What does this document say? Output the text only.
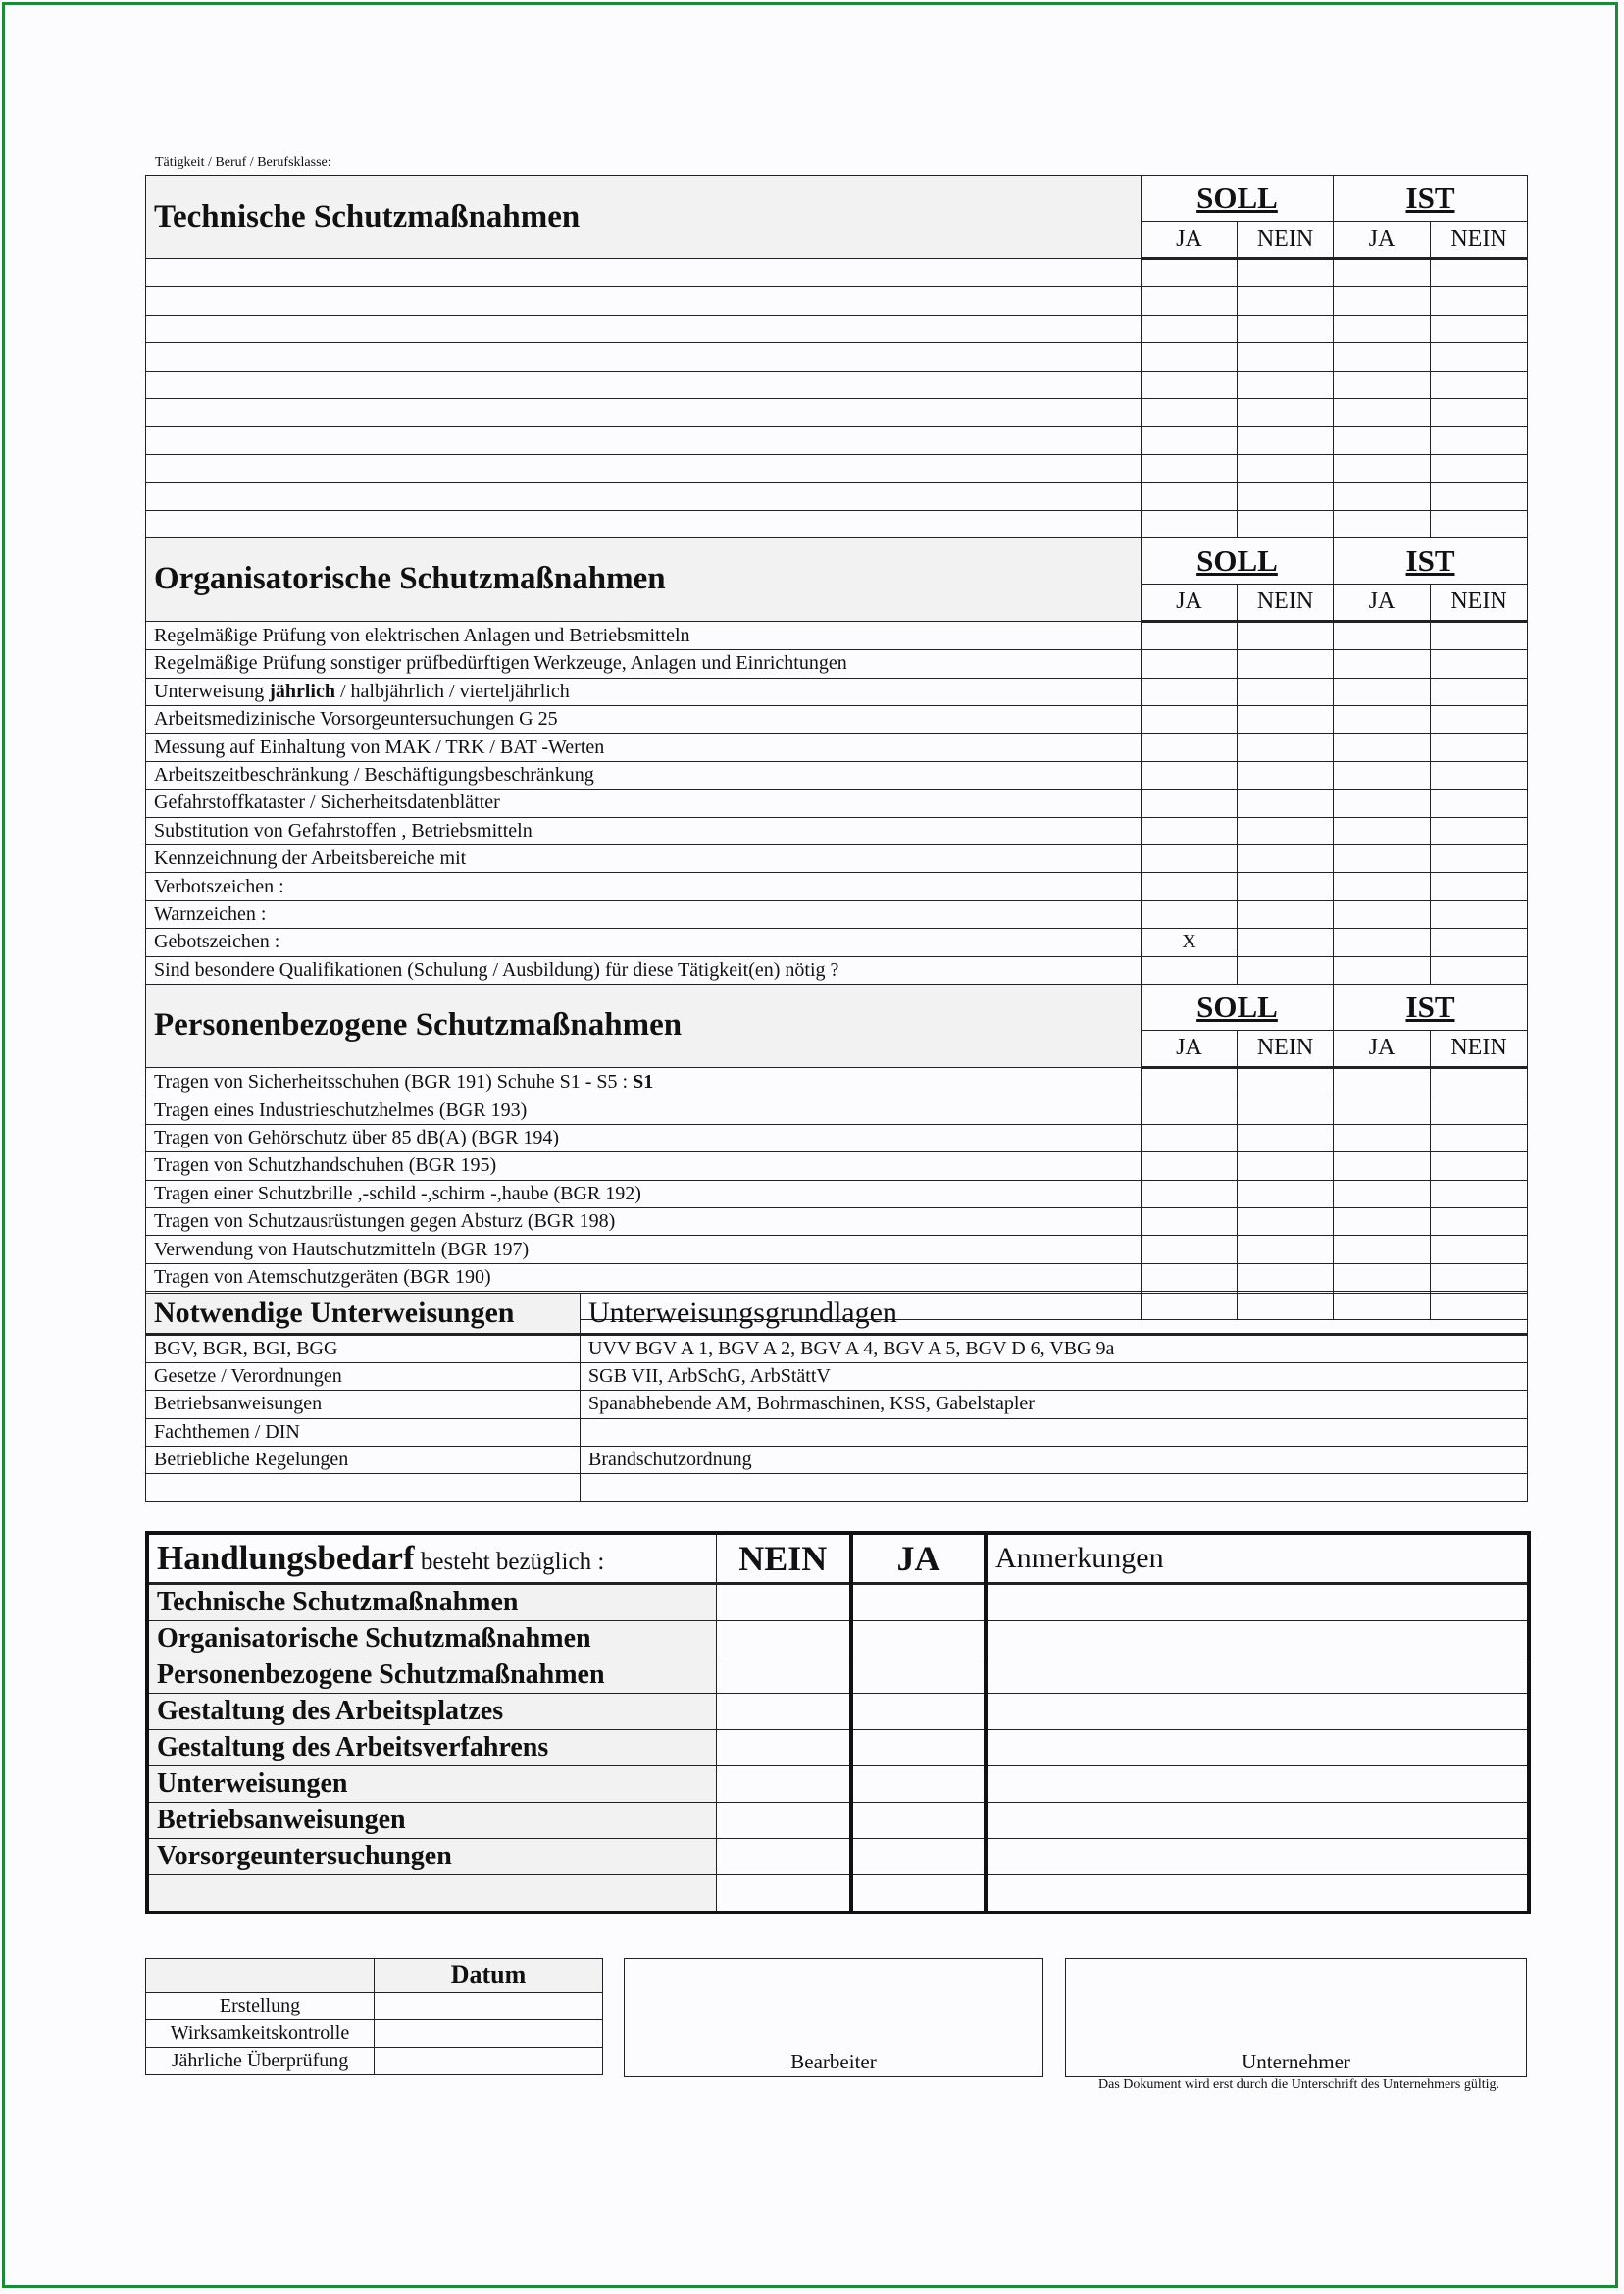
Tätigkeit / Beruf / Berufsklasse:
Technische Schutzmaßnahmen	SOLL		IST	
	JA	NEIN	JA	NEIN

Organisatorische Schutzmaßnahmen	SOLL		IST	
	JA	NEIN	JA	NEIN
Regelmäßige Prüfung von elektrischen Anlagen und Betriebsmitteln				
Regelmäßige Prüfung sonstiger prüfbedürftigen Werkzeuge, Anlagen und Einrichtungen				
Unterweisung jährlich / halbjährlich / vierteljährlich				
Arbeitsmedizinische Vorsorgeuntersuchungen G 25				
Messung auf Einhaltung von MAK / TRK / BAT -Werten				
Arbeitszeitbeschränkung / Beschäftigungsbeschränkung				
Gefahrstoffkataster / Sicherheitsdatenblätter				
Substitution von Gefahrstoffen , Betriebsmitteln				
Kennzeichnung der Arbeitsbereiche mit				
Verbotszeichen :				
Warnzeichen :				
Gebotszeichen :	X			
Sind besondere Qualifikationen (Schulung / Ausbildung) für diese Tätigkeit(en) nötig ?				
Personenbezogene Schutzmaßnahmen	SOLL		IST	
	JA	NEIN	JA	NEIN
Tragen von Sicherheitsschuhen (BGR 191) Schuhe S1 - S5 : S1				
Tragen eines Industrieschutzhelmes (BGR 193)				
Tragen von Gehörschutz über 85 dB(A) (BGR 194)				
Tragen von Schutzhandschuhen (BGR 195)				
Tragen einer Schutzbrille ,-schild -,schirm -,haube (BGR 192)				
Tragen von Schutzausrüstungen gegen Absturz (BGR 198)				
Verwendung von Hautschutzmitteln (BGR 197)				
Tragen von Atemschutzgeräten (BGR 190)				

Notwendige Unterweisungen	Unterweisungsgrundlagen
BGV, BGR, BGI, BGG	UVV BGV A 1, BGV A 2, BGV A 4, BGV A 5, BGV D 6, VBG 9a
Gesetze / Verordnungen	SGB VII, ArbSchG, ArbStättV
Betriebsanweisungen	Spanabhebende AM, Bohrmaschinen, KSS, Gabelstapler
Fachthemen / DIN	
Betriebliche Regelungen	Brandschutzordnung

Handlungsbedarf besteht bezüglich :	NEIN	JA	Anmerkungen
Technische Schutzmaßnahmen			
Organisatorische Schutzmaßnahmen			
Personenbezogene Schutzmaßnahmen			
Gestaltung des Arbeitsplatzes			
Gestaltung des Arbeitsverfahrens			
Unterweisungen			
Betriebsanweisungen			
Vorsorgeuntersuchungen			

	Datum
Erstellung	
Wirksamkeitskontrolle	
Jährliche Überprüfung		Bearbeiter	Unternehmer
Das Dokument wird erst durch die Unterschrift des Unternehmers gültig.
